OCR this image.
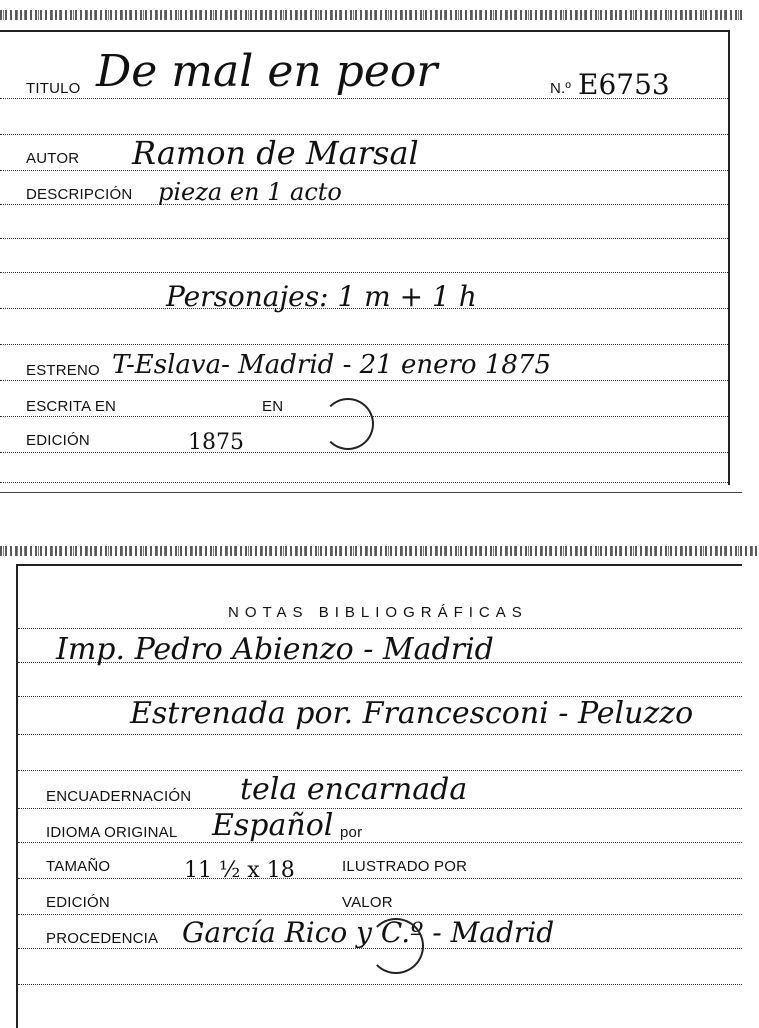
TITULO De mal en peor	N.º E6753
AUTOR Ramon de Marsal
DESCRIPCIÓN pieza en 1 acto
Personajes: 1 m + 1 h
ESTRENO T-Eslava- Madrid - 21 enero 1875
ESCRITA EN	EN
EDICIÓN	1875
NOTAS BIBLIOGRÁFICAS
Imp. Pedro Abienzo - Madrid
Estrenada por. Francesconi - Peluzzo
ENCUADERNACIÓN tela encarnada
IDIOMA ORIGINAL Español por
TAMAÑO	11 ½ x 18	ILUSTRADO POR
EDICIÓN	VALOR
PROCEDENCIA García Rico y C.º - Madrid
